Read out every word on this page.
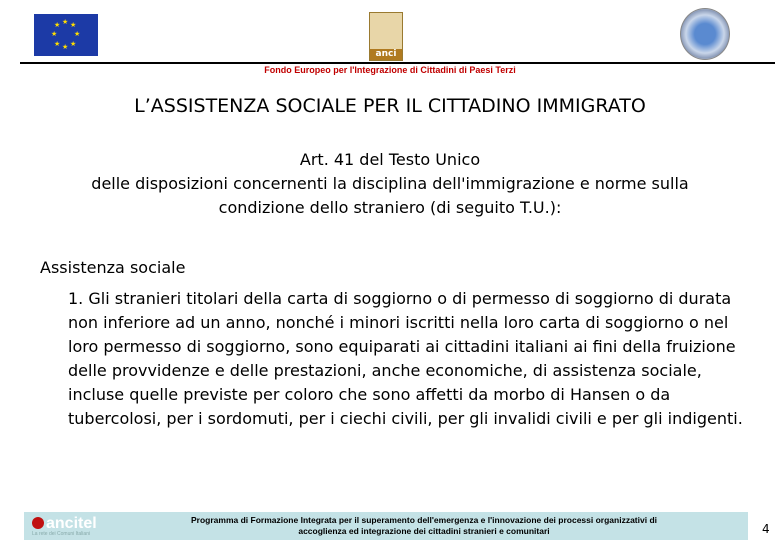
★ ★
★
★ ★
★ ★
★
anci
Fondo Europeo per l'Integrazione di Cittadini di Paesi Terzi
L’ASSISTENZA SOCIALE PER IL CITTADINO IMMIGRATO
Art. 41 del Testo Unico
delle disposizioni concernenti la disciplina dell'immigrazione e norme sulla
condizione dello straniero (di seguito T.U.):
Assistenza sociale
1. Gli stranieri titolari della carta di soggiorno o di permesso di soggiorno di durata non inferiore ad un anno, nonché i minori iscritti nella loro carta di soggiorno o nel loro permesso di soggiorno, sono equiparati ai cittadini italiani ai fini della fruizione delle provvidenze e delle prestazioni, anche economiche, di assistenza sociale, incluse quelle previste per coloro che sono affetti da morbo di Hansen o da tubercolosi, per i sordomuti, per i ciechi civili, per gli invalidi civili e per gli indigenti.
ancitel
La rete dei Comuni Italiani
Programma di Formazione Integrata per il superamento dell'emergenza e l'innovazione dei processi organizzativi di
accoglienza ed integrazione dei cittadini stranieri e comunitari	4
